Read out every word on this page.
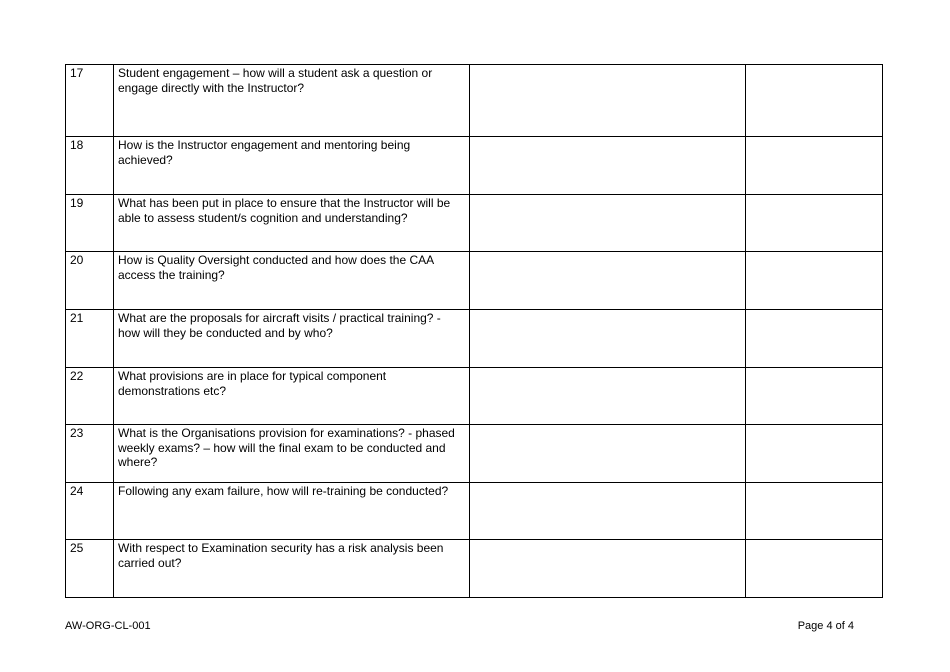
17	Student engagement – how will a student ask a question or engage directly with the Instructor?		

18	How is the Instructor engagement and mentoring being achieved?		

19	What has been put in place to ensure that the Instructor will be able to assess student/s cognition and understanding?		

20	How is Quality Oversight conducted and how does the CAA access the training?		

21	What are the proposals for aircraft visits / practical training? - how will they be conducted and by who?		

22	What provisions are in place for typical component demonstrations etc?		

23	What is the Organisations provision for examinations? - phased weekly exams? – how will the final exam to be conducted and where?		

24	Following any exam failure, how will re-training be conducted?		

25	With respect to Examination security has a risk analysis been carried out?		

AW-ORG-CL-001	Page 4 of 4
